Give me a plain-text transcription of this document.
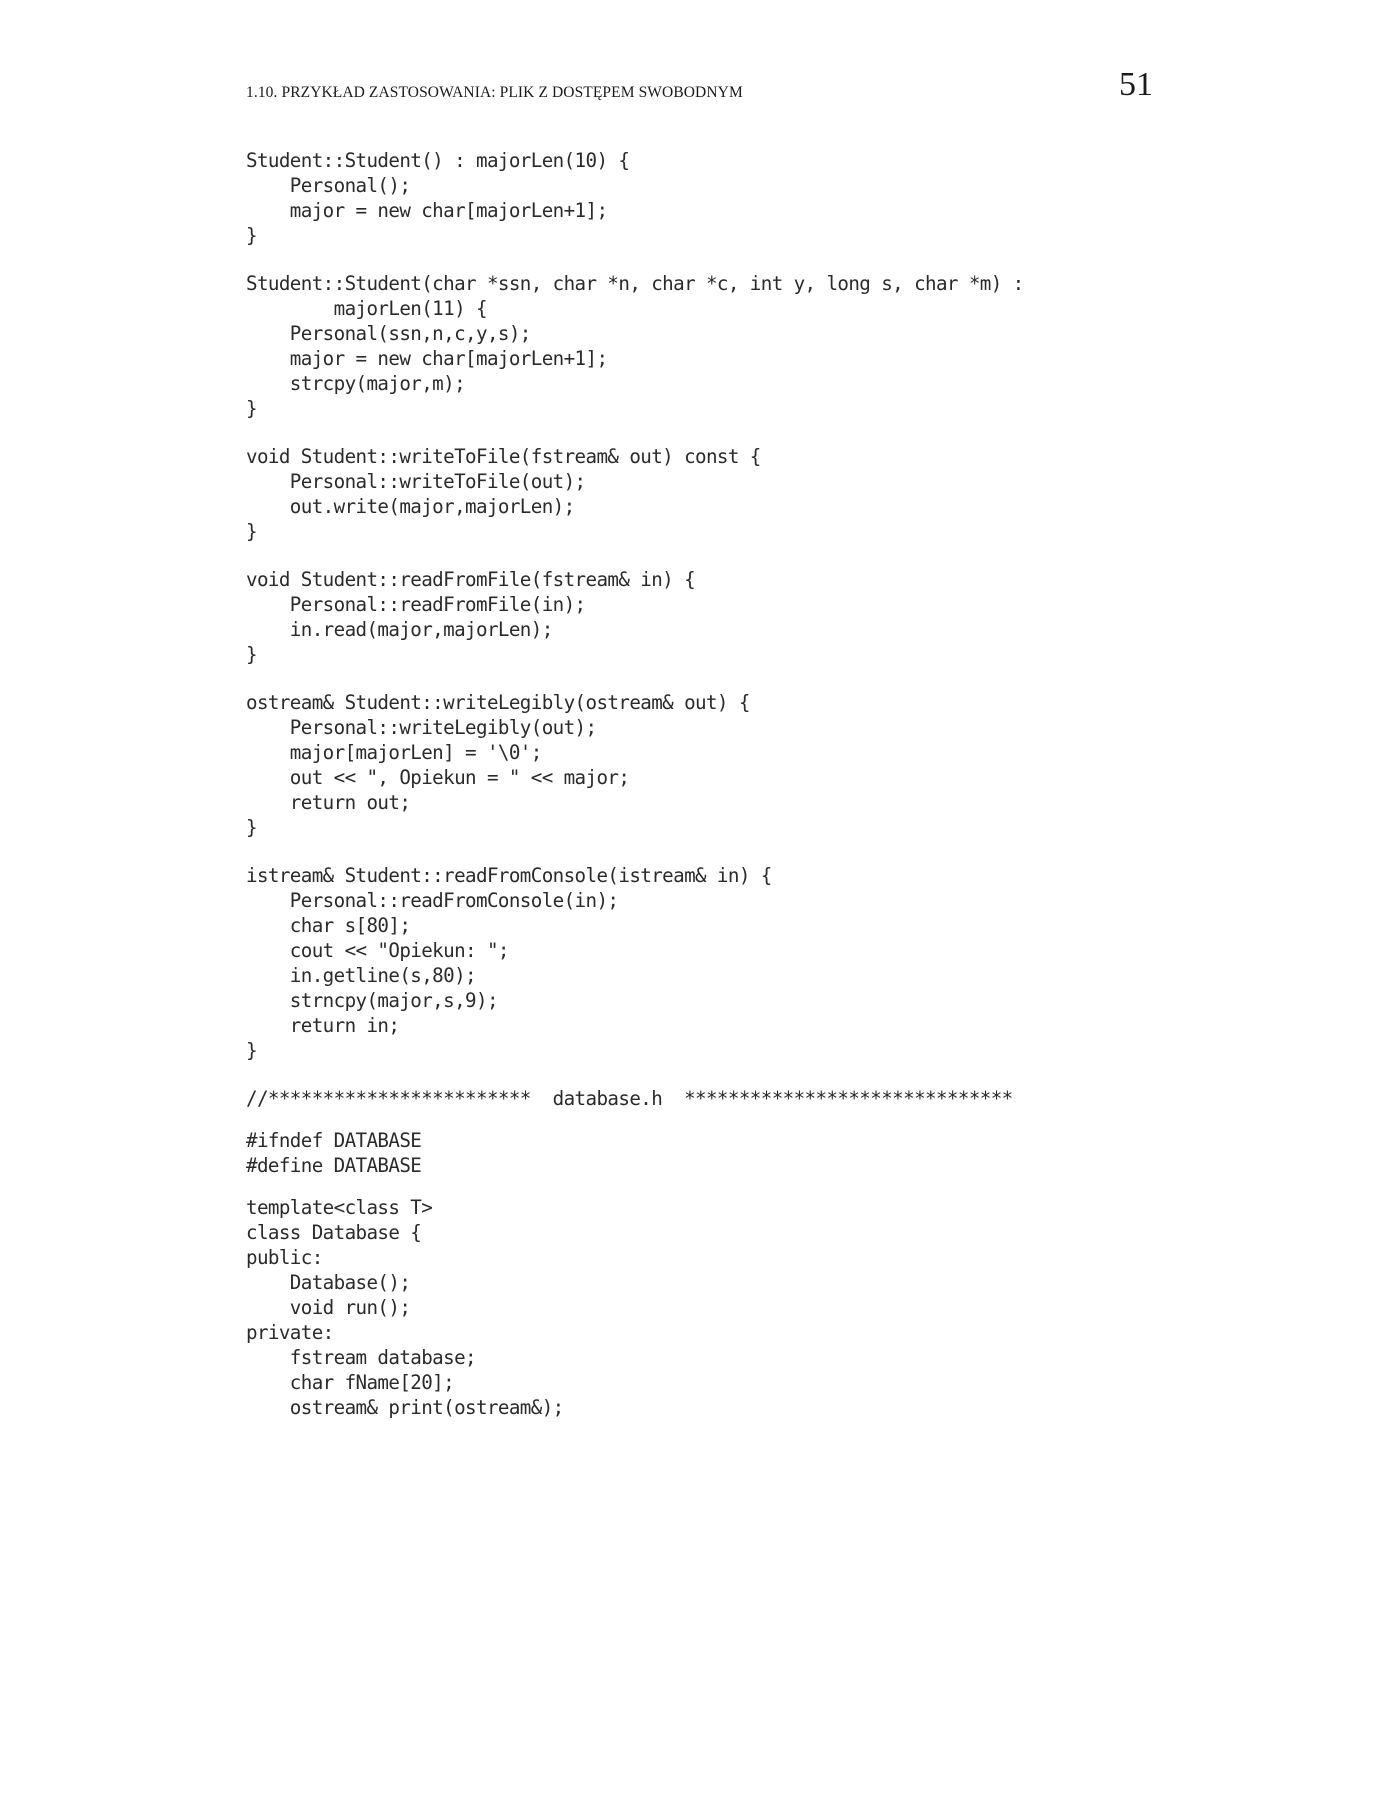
1.10. PRZYKŁAD ZASTOSOWANIA: PLIK Z DOSTĘPEM SWOBODNYM	51
Student::Student() : majorLen(10) {
Personal();
major = new char[majorLen+1];
}
Student::Student(char *ssn, char *n, char *c, int y, long s, char *m) :
majorLen(11) {
Personal(ssn,n,c,y,s);
major = new char[majorLen+1];
strcpy(major,m);
}
void Student::writeToFile(fstream& out) const {
Personal::writeToFile(out);
out.write(major,majorLen);
}
void Student::readFromFile(fstream& in) {
Personal::readFromFile(in);
in.read(major,majorLen);
}
ostream& Student::writeLegibly(ostream& out) {
Personal::writeLegibly(out);
major[majorLen] = '\0';
out << ", Opiekun = " << major;
return out;
}
istream& Student::readFromConsole(istream& in) {
Personal::readFromConsole(in);
char s[80];
cout << "Opiekun: ";
in.getline(s,80);
strncpy(major,s,9);
return in;
}
//************************  database.h  ******************************
#ifndef DATABASE
#define DATABASE
template<class T>
class Database {
public:
Database();
void run();
private:
fstream database;
char fName[20];
ostream& print(ostream&);
